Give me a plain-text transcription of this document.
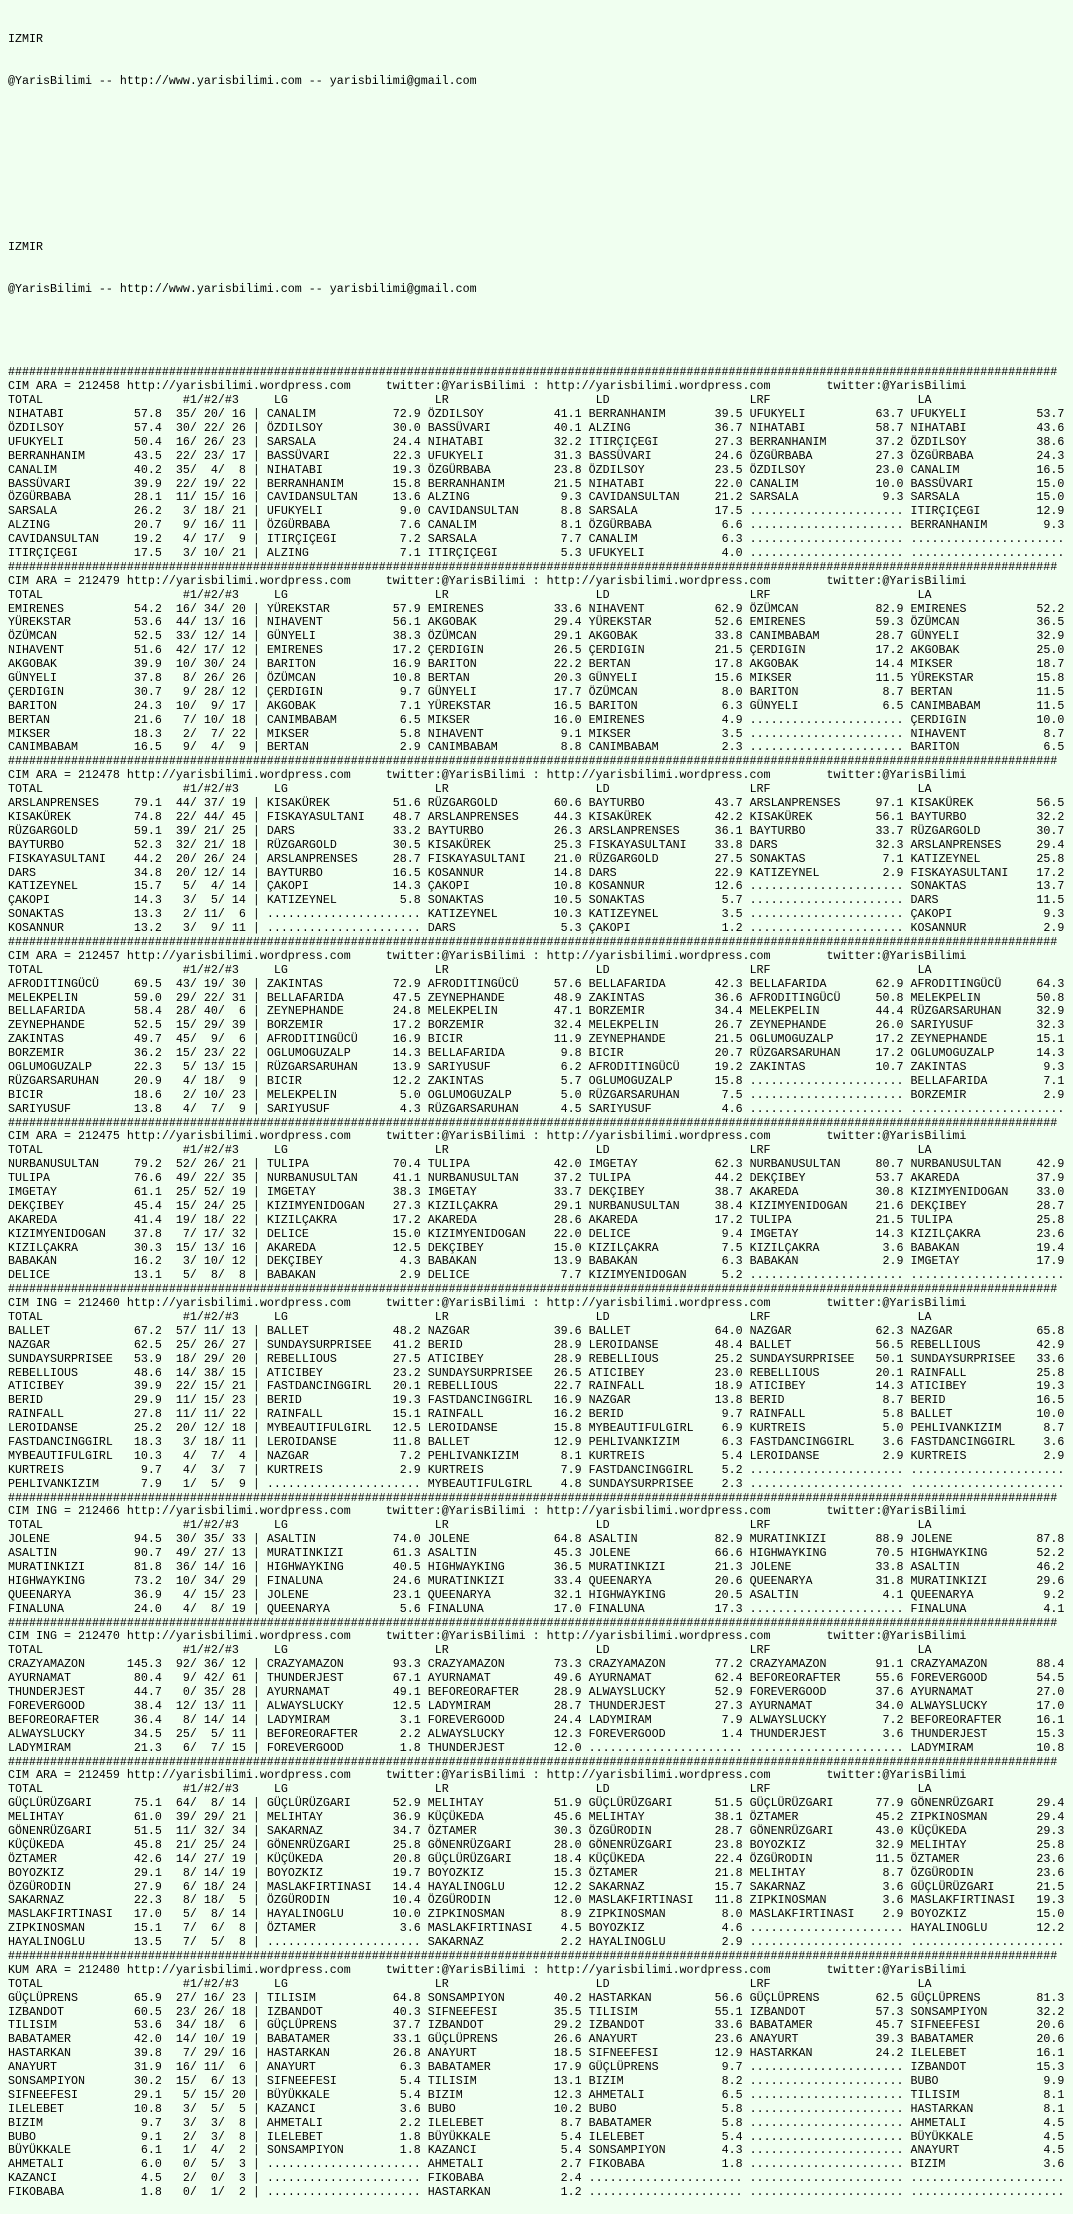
IZMIR

@YarisBilimi -- http://www.yarisbilimi.com -- yarisbilimi@gmail.com

IZMIR

@YarisBilimi -- http://www.yarisbilimi.com -- yarisbilimi@gmail.com

######################################################################################################################################################
CIM ARA = 212458 http://yarisbilimi.wordpress.com	twitter:@YarisBilimi : http://yarisbilimi.wordpress.com	twitter:@YarisBilimi
TOTAL	#1/#2/#3	LG	LR	LD	LRF	LA
NIHATABI          57.8  35/ 20/ 16 | CANALIM           72.9 ÖZDILSOY          41.1 BERRANHANIM       39.5 UFUKYELI          63.7 UFUKYELI          53.7
ÖZDILSOY          57.4  30/ 22/ 26 | ÖZDILSOY          30.0 BASSÜVARI         40.1 ALZING            36.7 NIHATABI          58.7 NIHATABI          43.6
UFUKYELI          50.4  16/ 26/ 23 | SARSALA           24.4 NIHATABI          32.2 ITIRÇIÇEGI        27.3 BERRANHANIM       37.2 ÖZDILSOY          38.6
BERRANHANIM       43.5  22/ 23/ 17 | BASSÜVARI         22.3 UFUKYELI          31.3 BASSÜVARI         24.6 ÖZGÜRBABA         27.3 ÖZGÜRBABA         24.3
CANALIM           40.2  35/  4/  8 | NIHATABI          19.3 ÖZGÜRBABA         23.8 ÖZDILSOY          23.5 ÖZDILSOY          23.0 CANALIM           16.5
BASSÜVARI         39.9  22/ 19/ 22 | BERRANHANIM       15.8 BERRANHANIM       21.5 NIHATABI          22.0 CANALIM           10.0 BASSÜVARI         15.0
ÖZGÜRBABA         28.1  11/ 15/ 16 | CAVIDANSULTAN     13.6 ALZING             9.3 CAVIDANSULTAN     21.2 SARSALA            9.3 SARSALA           15.0
SARSALA           26.2   3/ 18/ 21 | UFUKYELI           9.0 CAVIDANSULTAN      8.8 SARSALA           17.5 ...................... ITIRÇIÇEGI        12.9
ALZING            20.7   9/ 16/ 11 | ÖZGÜRBABA          7.6 CANALIM            8.1 ÖZGÜRBABA          6.6 ...................... BERRANHANIM        9.3
CAVIDANSULTAN     19.2   4/ 17/  9 | ITIRÇIÇEGI         7.2 SARSALA            7.7 CANALIM            6.3 ...................... ......................
ITIRÇIÇEGI        17.5   3/ 10/ 21 | ALZING             7.1 ITIRÇIÇEGI         5.3 UFUKYELI           4.0 ...................... ......................
######################################################################################################################################################
CIM ARA = 212479 http://yarisbilimi.wordpress.com	twitter:@YarisBilimi : http://yarisbilimi.wordpress.com	twitter:@YarisBilimi
TOTAL	#1/#2/#3	LG	LR	LD	LRF	LA
EMIRENES          54.2  16/ 34/ 20 | YÜREKSTAR         57.9 EMIRENES          33.6 NIHAVENT          62.9 ÖZÜMCAN           82.9 EMIRENES          52.2
YÜREKSTAR         53.6  44/ 13/ 16 | NIHAVENT          56.1 AKGOBAK           29.4 YÜREKSTAR         52.6 EMIRENES          59.3 ÖZÜMCAN           36.5
ÖZÜMCAN           52.5  33/ 12/ 14 | GÜNYELI           38.3 ÖZÜMCAN           29.1 AKGOBAK           33.8 CANIMBABAM        28.7 GÜNYELI           32.9
NIHAVENT          51.6  42/ 17/ 12 | EMIRENES          17.2 ÇERDIGIN          26.5 ÇERDIGIN          21.5 ÇERDIGIN          17.2 AKGOBAK           25.0
AKGOBAK           39.9  10/ 30/ 24 | BARITON           16.9 BARITON           22.2 BERTAN            17.8 AKGOBAK           14.4 MIKSER            18.7
GÜNYELI           37.8   8/ 26/ 26 | ÖZÜMCAN           10.8 BERTAN            20.3 GÜNYELI           15.6 MIKSER            11.5 YÜREKSTAR         15.8
ÇERDIGIN          30.7   9/ 28/ 12 | ÇERDIGIN           9.7 GÜNYELI           17.7 ÖZÜMCAN            8.0 BARITON            8.7 BERTAN            11.5
BARITON           24.3  10/  9/ 17 | AKGOBAK            7.1 YÜREKSTAR         16.5 BARITON            6.3 GÜNYELI            6.5 CANIMBABAM        11.5
BERTAN            21.6   7/ 10/ 18 | CANIMBABAM         6.5 MIKSER            16.0 EMIRENES           4.9 ...................... ÇERDIGIN          10.0
MIKSER            18.3   2/  7/ 22 | MIKSER             5.8 NIHAVENT           9.1 MIKSER             3.5 ...................... NIHAVENT           8.7
CANIMBABAM        16.5   9/  4/  9 | BERTAN             2.9 CANIMBABAM         8.8 CANIMBABAM         2.3 ...................... BARITON            6.5
######################################################################################################################################################
CIM ARA = 212478 http://yarisbilimi.wordpress.com	twitter:@YarisBilimi : http://yarisbilimi.wordpress.com	twitter:@YarisBilimi
TOTAL	#1/#2/#3	LG	LR	LD	LRF	LA
ARSLANPRENSES     79.1  44/ 37/ 19 | KISAKÜREK         51.6 RÜZGARGOLD        60.6 BAYTURBO          43.7 ARSLANPRENSES     97.1 KISAKÜREK         56.5
KISAKÜREK         74.8  22/ 44/ 45 | FISKAYASULTANI    48.7 ARSLANPRENSES     44.3 KISAKÜREK         42.2 KISAKÜREK         56.1 BAYTURBO          32.2
RÜZGARGOLD        59.1  39/ 21/ 25 | DARS              33.2 BAYTURBO          26.3 ARSLANPRENSES     36.1 BAYTURBO          33.7 RÜZGARGOLD        30.7
BAYTURBO          52.3  32/ 21/ 18 | RÜZGARGOLD        30.5 KISAKÜREK         25.3 FISKAYASULTANI    33.8 DARS              32.3 ARSLANPRENSES     29.4
FISKAYASULTANI    44.2  20/ 26/ 24 | ARSLANPRENSES     28.7 FISKAYASULTANI    21.0 RÜZGARGOLD        27.5 SONAKTAS           7.1 KATIZEYNEL        25.8
DARS              34.8  20/ 12/ 14 | BAYTURBO          16.5 KOSANNUR          14.8 DARS              22.9 KATIZEYNEL         2.9 FISKAYASULTANI    17.2
KATIZEYNEL        15.7   5/  4/ 14 | ÇAKOPI            14.3 ÇAKOPI            10.8 KOSANNUR          12.6 ...................... SONAKTAS          13.7
ÇAKOPI            14.3   3/  5/ 14 | KATIZEYNEL         5.8 SONAKTAS          10.5 SONAKTAS           5.7 ...................... DARS              11.5
SONAKTAS          13.3   2/ 11/  6 | ...................... KATIZEYNEL        10.3 KATIZEYNEL         3.5 ...................... ÇAKOPI             9.3
KOSANNUR          13.2   3/  9/ 11 | ...................... DARS               5.3 ÇAKOPI             1.2 ...................... KOSANNUR           2.9
######################################################################################################################################################
CIM ARA = 212457 http://yarisbilimi.wordpress.com	twitter:@YarisBilimi : http://yarisbilimi.wordpress.com	twitter:@YarisBilimi
TOTAL	#1/#2/#3	LG	LR	LD	LRF	LA
AFRODITINGÜCÜ     69.5  43/ 19/ 30 | ZAKINTAS          72.9 AFRODITINGÜCÜ     57.6 BELLAFARIDA       42.3 BELLAFARIDA       62.9 AFRODITINGÜCÜ     64.3
MELEKPELIN        59.0  29/ 22/ 31 | BELLAFARIDA       47.5 ZEYNEPHANDE       48.9 ZAKINTAS          36.6 AFRODITINGÜCÜ     50.8 MELEKPELIN        50.8
BELLAFARIDA       58.4  28/ 40/  6 | ZEYNEPHANDE       24.8 MELEKPELIN        47.1 BORZEMIR          34.4 MELEKPELIN        44.4 RÜZGARSARUHAN     32.9
ZEYNEPHANDE       52.5  15/ 29/ 39 | BORZEMIR          17.2 BORZEMIR          32.4 MELEKPELIN        26.7 ZEYNEPHANDE       26.0 SARIYUSUF         32.3
ZAKINTAS          49.7  45/  9/  6 | AFRODITINGÜCÜ     16.9 BICIR             11.9 ZEYNEPHANDE       21.5 OGLUMOGUZALP      17.2 ZEYNEPHANDE       15.1
BORZEMIR          36.2  15/ 23/ 22 | OGLUMOGUZALP      14.3 BELLAFARIDA        9.8 BICIR             20.7 RÜZGARSARUHAN     17.2 OGLUMOGUZALP      14.3
OGLUMOGUZALP      22.3   5/ 13/ 15 | RÜZGARSARUHAN     13.9 SARIYUSUF          6.2 AFRODITINGÜCÜ     19.2 ZAKINTAS          10.7 ZAKINTAS           9.3
RÜZGARSARUHAN     20.9   4/ 18/  9 | BICIR             12.2 ZAKINTAS           5.7 OGLUMOGUZALP      15.8 ...................... BELLAFARIDA        7.1
BICIR             18.6   2/ 10/ 23 | MELEKPELIN         5.0 OGLUMOGUZALP       5.0 RÜZGARSARUHAN      7.5 ...................... BORZEMIR           2.9
SARIYUSUF         13.8   4/  7/  9 | SARIYUSUF          4.3 RÜZGARSARUHAN      4.5 SARIYUSUF          4.6 ...................... ......................
######################################################################################################################################################
CIM ARA = 212475 http://yarisbilimi.wordpress.com	twitter:@YarisBilimi : http://yarisbilimi.wordpress.com	twitter:@YarisBilimi
TOTAL	#1/#2/#3	LG	LR	LD	LRF	LA
NURBANUSULTAN     79.2  52/ 26/ 21 | TULIPA            70.4 TULIPA            42.0 IMGETAY           62.3 NURBANUSULTAN     80.7 NURBANUSULTAN     42.9
TULIPA            76.6  49/ 22/ 35 | NURBANUSULTAN     41.1 NURBANUSULTAN     37.2 TULIPA            44.2 DEKÇIBEY          53.7 AKAREDA           37.9
IMGETAY           61.1  25/ 52/ 19 | IMGETAY           38.3 IMGETAY           33.7 DEKÇIBEY          38.7 AKAREDA           30.8 KIZIMYENIDOGAN    33.0
DEKÇIBEY          45.4  15/ 24/ 25 | KIZIMYENIDOGAN    27.3 KIZILÇAKRA        29.1 NURBANUSULTAN     38.4 KIZIMYENIDOGAN    21.6 DEKÇIBEY          28.7
AKAREDA           41.4  19/ 18/ 22 | KIZILÇAKRA        17.2 AKAREDA           28.6 AKAREDA           17.2 TULIPA            21.5 TULIPA            25.8
KIZIMYENIDOGAN    37.8   7/ 17/ 32 | DELICE            15.0 KIZIMYENIDOGAN    22.0 DELICE             9.4 IMGETAY           14.3 KIZILÇAKRA        23.6
KIZILÇAKRA        30.3  15/ 13/ 16 | AKAREDA           12.5 DEKÇIBEY          15.0 KIZILÇAKRA         7.5 KIZILÇAKRA         3.6 BABAKAN           19.4
BABAKAN           16.2   3/ 10/ 12 | DEKÇIBEY           4.3 BABAKAN           13.9 BABAKAN            6.3 BABAKAN            2.9 IMGETAY           17.9
DELICE            13.1   5/  8/  8 | BABAKAN            2.9 DELICE             7.7 KIZIMYENIDOGAN     5.2 ...................... ......................
######################################################################################################################################################
CIM ING = 212460 http://yarisbilimi.wordpress.com	twitter:@YarisBilimi : http://yarisbilimi.wordpress.com	twitter:@YarisBilimi
TOTAL	#1/#2/#3	LG	LR	LD	LRF	LA
BALLET            67.2  57/ 11/ 13 | BALLET            48.2 NAZGAR            39.6 BALLET            64.0 NAZGAR            62.3 NAZGAR            65.8
NAZGAR            62.5  25/ 26/ 27 | SUNDAYSURPRISEE   41.2 BERID             28.9 LEROIDANSE        48.4 BALLET            56.5 REBELLIOUS        42.9
SUNDAYSURPRISEE   53.9  18/ 29/ 20 | REBELLIOUS        27.5 ATICIBEY          28.9 REBELLIOUS        25.2 SUNDAYSURPRISEE   50.1 SUNDAYSURPRISEE   33.6
REBELLIOUS        48.6  14/ 38/ 15 | ATICIBEY          23.2 SUNDAYSURPRISEE   26.5 ATICIBEY          23.0 REBELLIOUS        20.1 RAINFALL          25.8
ATICIBEY          39.9  22/ 15/ 21 | FASTDANCINGGIRL   20.1 REBELLIOUS        22.7 RAINFALL          18.9 ATICIBEY          14.3 ATICIBEY          19.3
BERID             29.9  11/ 15/ 23 | BERID             19.3 FASTDANCINGGIRL   16.9 NAZGAR            13.8 BERID              8.7 BERID             16.5
RAINFALL          27.8  11/ 11/ 22 | RAINFALL          15.1 RAINFALL          16.2 BERID              9.7 RAINFALL           5.8 BALLET            10.0
LEROIDANSE        25.2  20/ 12/ 18 | MYBEAUTIFULGIRL   12.5 LEROIDANSE        15.8 MYBEAUTIFULGIRL    6.9 KURTREIS           5.0 PEHLIVANKIZIM      8.7
FASTDANCINGGIRL   18.3   3/ 18/ 11 | LEROIDANSE        11.8 BALLET            12.9 PEHLIVANKIZIM      6.3 FASTDANCINGGIRL    3.6 FASTDANCINGGIRL    3.6
MYBEAUTIFULGIRL   10.3   4/  7/  4 | NAZGAR             7.2 PEHLIVANKIZIM      8.1 KURTREIS           5.4 LEROIDANSE         2.9 KURTREIS           2.9
KURTREIS           9.7   4/  3/  7 | KURTREIS           2.9 KURTREIS           7.9 FASTDANCINGGIRL    5.2 ...................... ......................
PEHLIVANKIZIM      7.9   1/  5/  9 | ...................... MYBEAUTIFULGIRL    4.8 SUNDAYSURPRISEE    2.3 ...................... ......................
######################################################################################################################################################
CIM ING = 212466 http://yarisbilimi.wordpress.com	twitter:@YarisBilimi : http://yarisbilimi.wordpress.com	twitter:@YarisBilimi
TOTAL	#1/#2/#3	LG	LR	LD	LRF	LA
JOLENE            94.5  30/ 35/ 33 | ASALTIN           74.0 JOLENE            64.8 ASALTIN           82.9 MURATINKIZI       88.9 JOLENE            87.8
ASALTIN           90.7  49/ 27/ 13 | MURATINKIZI       61.3 ASALTIN           45.3 JOLENE            66.6 HIGHWAYKING       70.5 HIGHWAYKING       52.2
MURATINKIZI       81.8  36/ 14/ 16 | HIGHWAYKING       40.5 HIGHWAYKING       36.5 MURATINKIZI       21.3 JOLENE            33.8 ASALTIN           46.2
HIGHWAYKING       73.2  10/ 34/ 29 | FINALUNA          24.6 MURATINKIZI       33.4 QUEENARYA         20.6 QUEENARYA         31.8 MURATINKIZI       29.6
QUEENARYA         36.9   4/ 15/ 23 | JOLENE            23.1 QUEENARYA         32.1 HIGHWAYKING       20.5 ASALTIN            4.1 QUEENARYA          9.2
FINALUNA          24.0   4/  8/ 19 | QUEENARYA          5.6 FINALUNA          17.0 FINALUNA          17.3 ...................... FINALUNA           4.1
######################################################################################################################################################
CIM ING = 212470 http://yarisbilimi.wordpress.com	twitter:@YarisBilimi : http://yarisbilimi.wordpress.com	twitter:@YarisBilimi
TOTAL	#1/#2/#3	LG	LR	LD	LRF	LA
CRAZYAMAZON      145.3  92/ 36/ 12 | CRAZYAMAZON       93.3 CRAZYAMAZON       73.3 CRAZYAMAZON       77.2 CRAZYAMAZON       91.1 CRAZYAMAZON       88.4
AYURNAMAT         80.4   9/ 42/ 61 | THUNDERJEST       67.1 AYURNAMAT         49.6 AYURNAMAT         62.4 BEFOREORAFTER     55.6 FOREVERGOOD       54.5
THUNDERJEST       44.7   0/ 35/ 28 | AYURNAMAT         49.1 BEFOREORAFTER     28.9 ALWAYSLUCKY       52.9 FOREVERGOOD       37.6 AYURNAMAT         27.0
FOREVERGOOD       38.4  12/ 13/ 11 | ALWAYSLUCKY       12.5 LADYMIRAM         28.7 THUNDERJEST       27.3 AYURNAMAT         34.0 ALWAYSLUCKY       17.0
BEFOREORAFTER     36.4   8/ 14/ 14 | LADYMIRAM          3.1 FOREVERGOOD       24.4 LADYMIRAM          7.9 ALWAYSLUCKY        7.2 BEFOREORAFTER     16.1
ALWAYSLUCKY       34.5  25/  5/ 11 | BEFOREORAFTER      2.2 ALWAYSLUCKY       12.3 FOREVERGOOD        1.4 THUNDERJEST        3.6 THUNDERJEST       15.3
LADYMIRAM         21.3   6/  7/ 15 | FOREVERGOOD        1.8 THUNDERJEST       12.0 ...................... ...................... LADYMIRAM         10.8
######################################################################################################################################################
CIM ARA = 212459 http://yarisbilimi.wordpress.com	twitter:@YarisBilimi : http://yarisbilimi.wordpress.com	twitter:@YarisBilimi
TOTAL	#1/#2/#3	LG	LR	LD	LRF	LA
GÜÇLÜRÜZGARI      75.1  64/  8/ 14 | GÜÇLÜRÜZGARI      52.9 MELIHTAY          51.9 GÜÇLÜRÜZGARI      51.5 GÜÇLÜRÜZGARI      77.9 GÖNENRÜZGARI      29.4
MELIHTAY          61.0  39/ 29/ 21 | MELIHTAY          36.9 KÜÇÜKEDA          45.6 MELIHTAY          38.1 ÖZTAMER           45.2 ZIPKINOSMAN       29.4
GÖNENRÜZGARI      51.5  11/ 32/ 34 | SAKARNAZ          34.7 ÖZTAMER           30.3 ÖZGÜRODIN         28.7 GÖNENRÜZGARI      43.0 KÜÇÜKEDA          29.3
KÜÇÜKEDA          45.8  21/ 25/ 24 | GÖNENRÜZGARI      25.8 GÖNENRÜZGARI      28.0 GÖNENRÜZGARI      23.8 BOYOZKIZ          32.9 MELIHTAY          25.8
ÖZTAMER           42.6  14/ 27/ 19 | KÜÇÜKEDA          20.8 GÜÇLÜRÜZGARI      18.4 KÜÇÜKEDA          22.4 ÖZGÜRODIN         11.5 ÖZTAMER           23.6
BOYOZKIZ          29.1   8/ 14/ 19 | BOYOZKIZ          19.7 BOYOZKIZ          15.3 ÖZTAMER           21.8 MELIHTAY           8.7 ÖZGÜRODIN         23.6
ÖZGÜRODIN         27.9   6/ 18/ 24 | MASLAKFIRTINASI   14.4 HAYALINOGLU       12.2 SAKARNAZ          15.7 SAKARNAZ           3.6 GÜÇLÜRÜZGARI      21.5
SAKARNAZ          22.3   8/ 18/  5 | ÖZGÜRODIN         10.4 ÖZGÜRODIN         12.0 MASLAKFIRTINASI   11.8 ZIPKINOSMAN        3.6 MASLAKFIRTINASI   19.3
MASLAKFIRTINASI   17.0   5/  8/ 14 | HAYALINOGLU       10.0 ZIPKINOSMAN        8.9 ZIPKINOSMAN        8.0 MASLAKFIRTINASI    2.9 BOYOZKIZ          15.0
ZIPKINOSMAN       15.1   7/  6/  8 | ÖZTAMER            3.6 MASLAKFIRTINASI    4.5 BOYOZKIZ           4.6 ...................... HAYALINOGLU       12.2
HAYALINOGLU       13.5   7/  5/  8 | ...................... SAKARNAZ           2.2 HAYALINOGLU        2.9 ...................... ......................
######################################################################################################################################################
KUM ARA = 212480 http://yarisbilimi.wordpress.com	twitter:@YarisBilimi : http://yarisbilimi.wordpress.com	twitter:@YarisBilimi
TOTAL	#1/#2/#3	LG	LR	LD	LRF	LA
GÜÇLÜPRENS        65.9  27/ 16/ 23 | TILISIM           64.8 SONSAMPIYON       40.2 HASTARKAN         56.6 GÜÇLÜPRENS        62.5 GÜÇLÜPRENS        81.3
IZBANDOT          60.5  23/ 26/ 18 | IZBANDOT          40.3 SIFNEEFESI        35.5 TILISIM           55.1 IZBANDOT          57.3 SONSAMPIYON       32.2
TILISIM           53.6  34/ 18/  6 | GÜÇLÜPRENS        37.7 IZBANDOT          29.2 IZBANDOT          33.6 BABATAMER         45.7 SIFNEEFESI        20.6
BABATAMER         42.0  14/ 10/ 19 | BABATAMER         33.1 GÜÇLÜPRENS        26.6 ANAYURT           23.6 ANAYURT           39.3 BABATAMER         20.6
HASTARKAN         39.8   7/ 29/ 16 | HASTARKAN         26.8 ANAYURT           18.5 SIFNEEFESI        12.9 HASTARKAN         24.2 ILELEBET          16.1
ANAYURT           31.9  16/ 11/  6 | ANAYURT            6.3 BABATAMER         17.9 GÜÇLÜPRENS         9.7 ...................... IZBANDOT          15.3
SONSAMPIYON       30.2  15/  6/ 13 | SIFNEEFESI         5.4 TILISIM           13.1 BIZIM              8.2 ...................... BUBO               9.9
SIFNEEFESI        29.1   5/ 15/ 20 | BÜYÜKKALE          5.4 BIZIM             12.3 AHMETALI           6.5 ...................... TILISIM            8.1
ILELEBET          10.8   3/  5/  5 | KAZANCI            3.6 BUBO              10.2 BUBO               5.8 ...................... HASTARKAN          8.1
BIZIM              9.7   3/  3/  8 | AHMETALI           2.2 ILELEBET           8.7 BABATAMER          5.8 ...................... AHMETALI           4.5
BUBO               9.1   2/  3/  8 | ILELEBET           1.8 BÜYÜKKALE          5.4 ILELEBET           5.4 ...................... BÜYÜKKALE          4.5
BÜYÜKKALE          6.1   1/  4/  2 | SONSAMPIYON        1.8 KAZANCI            5.4 SONSAMPIYON        4.3 ...................... ANAYURT            4.5
AHMETALI           6.0   0/  5/  3 | ...................... AHMETALI           2.7 FIKOBABA           1.8 ...................... BIZIM              3.6
KAZANCI            4.5   2/  0/  3 | ...................... FIKOBABA           2.4 ...................... ...................... ......................
FIKOBABA           1.8   0/  1/  2 | ...................... HASTARKAN          1.2 ...................... ...................... ......................
